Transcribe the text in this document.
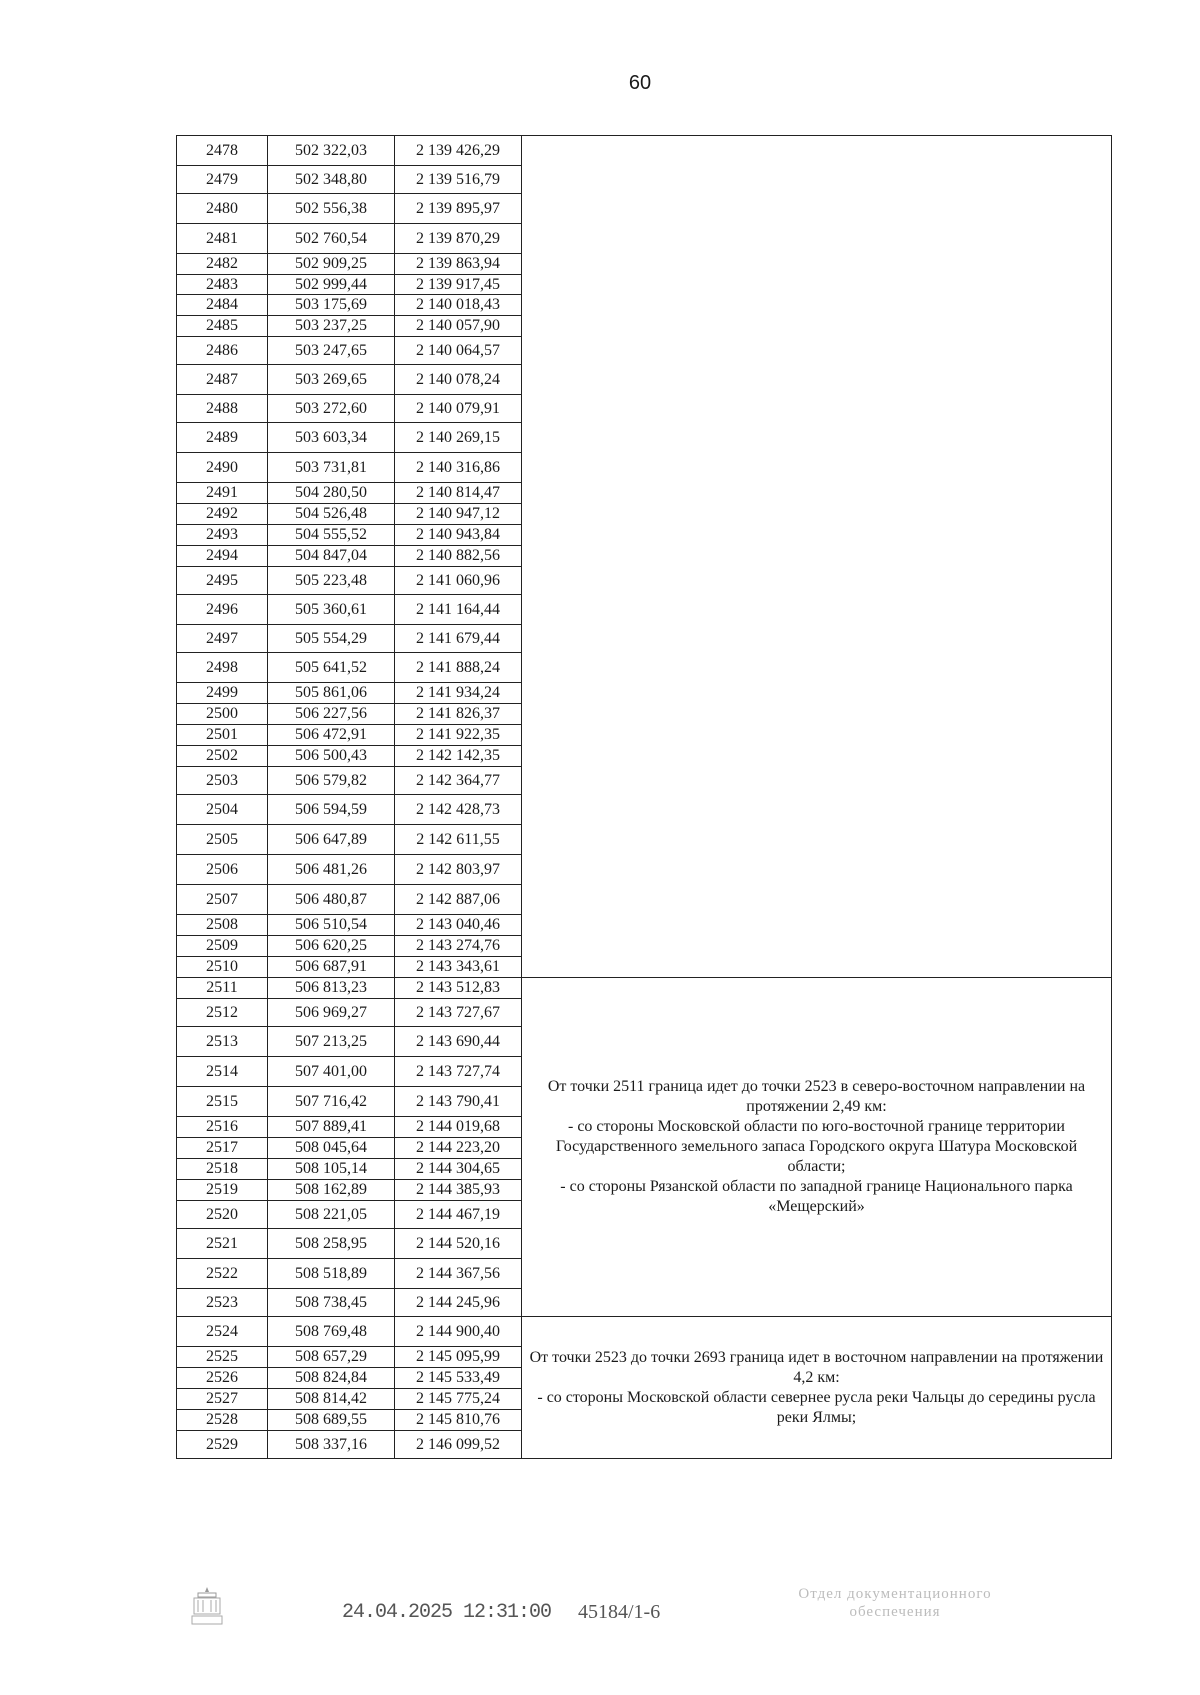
60
2478	502 322,03	2 139 426,29	
2479	502 348,80	2 139 516,79	
2480	502 556,38	2 139 895,97	
2481	502 760,54	2 139 870,29	
2482	502 909,25	2 139 863,94	
2483	502 999,44	2 139 917,45	
2484	503 175,69	2 140 018,43	
2485	503 237,25	2 140 057,90	
2486	503 247,65	2 140 064,57	
2487	503 269,65	2 140 078,24	
2488	503 272,60	2 140 079,91	
2489	503 603,34	2 140 269,15	
2490	503 731,81	2 140 316,86	
2491	504 280,50	2 140 814,47	
2492	504 526,48	2 140 947,12	
2493	504 555,52	2 140 943,84	
2494	504 847,04	2 140 882,56	
2495	505 223,48	2 141 060,96	
2496	505 360,61	2 141 164,44	
2497	505 554,29	2 141 679,44	
2498	505 641,52	2 141 888,24	
2499	505 861,06	2 141 934,24	
2500	506 227,56	2 141 826,37	
2501	506 472,91	2 141 922,35	
2502	506 500,43	2 142 142,35	
2503	506 579,82	2 142 364,77	
2504	506 594,59	2 142 428,73	
2505	506 647,89	2 142 611,55	
2506	506 481,26	2 142 803,97	
2507	506 480,87	2 142 887,06	
2508	506 510,54	2 143 040,46	
2509	506 620,25	2 143 274,76	
2510	506 687,91	2 143 343,61	
2511	506 813,23	2 143 512,83	От точки 2511 граница идет до точки 2523 в северо-восточном направлении на протяжении 2,49 км:

- со стороны Московской области по юго-восточной границе территории Государственного земельного запаса Городского округа Шатура Московской области;

- со стороны Рязанской области по западной границе Национального парка «Мещерский»

2512	506 969,27	2 143 727,67	
2513	507 213,25	2 143 690,44	
2514	507 401,00	2 143 727,74	
2515	507 716,42	2 143 790,41	
2516	507 889,41	2 144 019,68	
2517	508 045,64	2 144 223,20	
2518	508 105,14	2 144 304,65	
2519	508 162,89	2 144 385,93	
2520	508 221,05	2 144 467,19	
2521	508 258,95	2 144 520,16	
2522	508 518,89	2 144 367,56	
2523	508 738,45	2 144 245,96	
2524	508 769,48	2 144 900,40	От точки 2523 до точки 2693 граница идет в восточном направлении на протяжении 4,2 км:

- со стороны Московской области севернее русла реки Чальцы до середины русла реки Ялмы;

2525	508 657,29	2 145 095,99	
2526	508 824,84	2 145 533,49	
2527	508 814,42	2 145 775,24	
2528	508 689,55	2 145 810,76	
2529	508 337,16	2 146 099,52	
24.04.2025 12:31:00 45184/1-6
Отдел документационного
обеспечения
